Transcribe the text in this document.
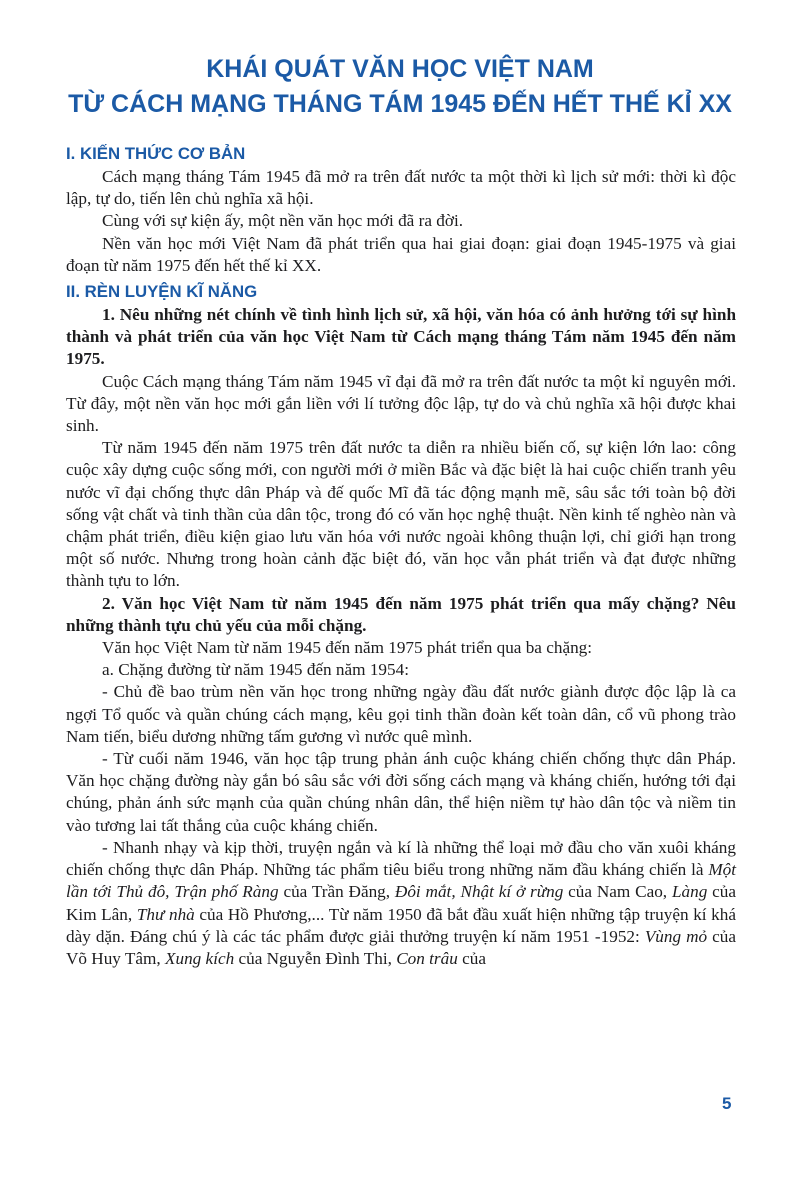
KHÁI QUÁT VĂN HỌC VIỆT NAM
TỪ CÁCH MẠNG THÁNG TÁM 1945 ĐẾN HẾT THẾ KỈ XX

I. KIẾN THỨC CƠ BẢN

Cách mạng tháng Tám 1945 đã mở ra trên đất nước ta một thời kì lịch sử mới: thời kì độc lập, tự do, tiến lên chủ nghĩa xã hội.

Cùng với sự kiện ấy, một nền văn học mới đã ra đời.

Nền văn học mới Việt Nam đã phát triển qua hai giai đoạn: giai đoạn 1945-1975 và giai đoạn từ năm 1975 đến hết thế kỉ XX.

II. RÈN LUYỆN KĨ NĂNG

1. Nêu những nét chính về tình hình lịch sử, xã hội, văn hóa có ảnh hưởng tới sự hình thành và phát triển của văn học Việt Nam từ Cách mạng tháng Tám năm 1945 đến năm 1975.

Cuộc Cách mạng tháng Tám năm 1945 vĩ đại đã mở ra trên đất nước ta một kỉ nguyên mới. Từ đây, một nền văn học mới gắn liền với lí tưởng độc lập, tự do và chủ nghĩa xã hội được khai sinh.

Từ năm 1945 đến năm 1975 trên đất nước ta diễn ra nhiều biến cố, sự kiện lớn lao: công cuộc xây dựng cuộc sống mới, con người mới ở miền Bắc và đặc biệt là hai cuộc chiến tranh yêu nước vĩ đại chống thực dân Pháp và đế quốc Mĩ đã tác động mạnh mẽ, sâu sắc tới toàn bộ đời sống vật chất và tinh thần của dân tộc, trong đó có văn học nghệ thuật. Nền kinh tế nghèo nàn và chậm phát triển, điều kiện giao lưu văn hóa với nước ngoài không thuận lợi, chỉ giới hạn trong một số nước. Nhưng trong hoàn cảnh đặc biệt đó, văn học vẫn phát triển và đạt được những thành tựu to lớn.

2. Văn học Việt Nam từ năm 1945 đến năm 1975 phát triển qua mấy chặng? Nêu những thành tựu chủ yếu của mỗi chặng.

Văn học Việt Nam từ năm 1945 đến năm 1975 phát triển qua ba chặng:

a. Chặng đường từ năm 1945 đến năm 1954:

- Chủ đề bao trùm nền văn học trong những ngày đầu đất nước giành được độc lập là ca ngợi Tổ quốc và quần chúng cách mạng, kêu gọi tinh thần đoàn kết toàn dân, cổ vũ phong trào Nam tiến, biểu dương những tấm gương vì nước quê mình.

- Từ cuối năm 1946, văn học tập trung phản ánh cuộc kháng chiến chống thực dân Pháp. Văn học chặng đường này gắn bó sâu sắc với đời sống cách mạng và kháng chiến, hướng tới đại chúng, phản ánh sức mạnh của quần chúng nhân dân, thể hiện niềm tự hào dân tộc và niềm tin vào tương lai tất thắng của cuộc kháng chiến.

- Nhanh nhạy và kịp thời, truyện ngắn và kí là những thể loại mở đầu cho văn xuôi kháng chiến chống thực dân Pháp. Những tác phẩm tiêu biểu trong những năm đầu kháng chiến là Một lần tới Thủ đô, Trận phố Ràng của Trần Đăng, Đôi mắt, Nhật kí ở rừng của Nam Cao, Làng của Kim Lân, Thư nhà của Hồ Phương,... Từ năm 1950 đã bắt đầu xuất hiện những tập truyện kí khá dày dặn. Đáng chú ý là các tác phẩm được giải thưởng truyện kí năm 1951 -1952: Vùng mỏ của Võ Huy Tâm, Xung kích của Nguyễn Đình Thi, Con trâu của

5
